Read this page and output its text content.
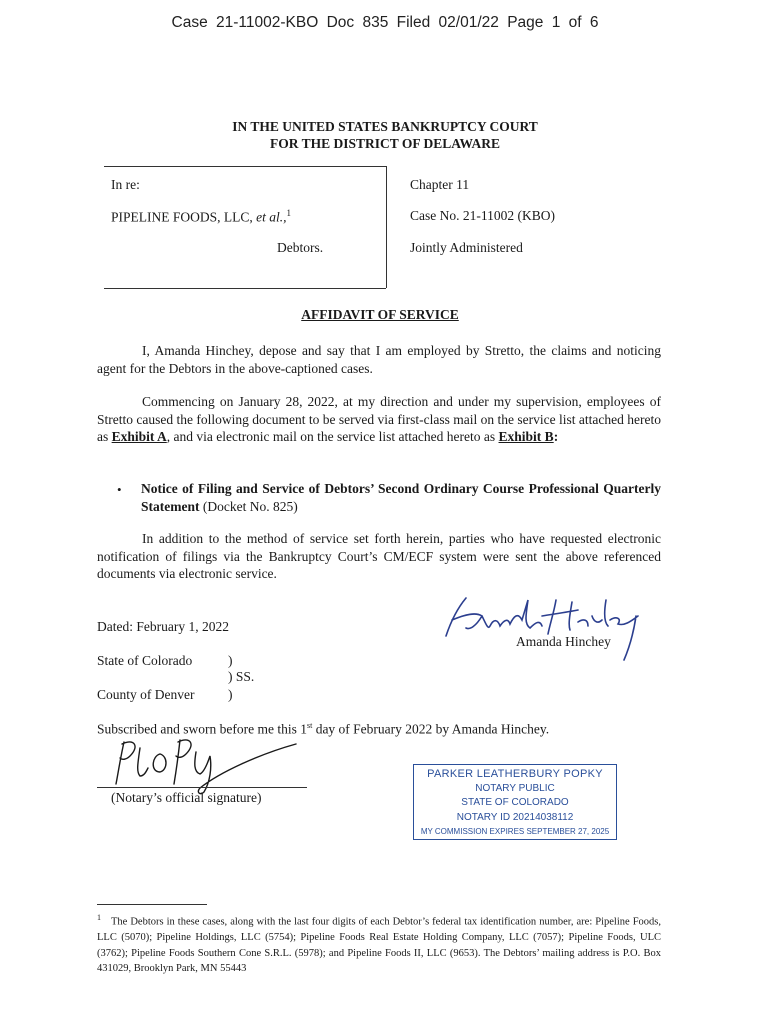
Case 21-11002-KBO Doc 835 Filed 02/01/22 Page 1 of 6
IN THE UNITED STATES BANKRUPTCY COURT
FOR THE DISTRICT OF DELAWARE
In re:
PIPELINE FOODS, LLC, et al.,$^1$
Debtors.
Chapter 11
Case No. 21-11002 (KBO)
Jointly Administered
AFFIDAVIT OF SERVICE
I, Amanda Hinchey, depose and say that I am employed by Stretto, the claims and noticing agent for the Debtors in the above-captioned cases.
Commencing on January 28, 2022, at my direction and under my supervision, employees of Stretto caused the following document to be served via first-class mail on the service list attached hereto as Exhibit A, and via electronic mail on the service list attached hereto as Exhibit B:
• Notice of Filing and Service of Debtors’ Second Ordinary Course Professional Quarterly Statement (Docket No. 825)
In addition to the method of service set forth herein, parties who have requested electronic notification of filings via the Bankruptcy Court’s CM/ECF system were sent the above referenced documents via electronic service.
Dated: February 1, 2022
Amanda Hinchey
State of Colorado	)
) SS.
County of Denver )
Subscribed and sworn before me this 1st day of February 2022 by Amanda Hinchey.
(Notary’s official signature)
PARKER LEATHERBURY POPKY
NOTARY PUBLIC
STATE OF COLORADO
NOTARY ID 20214038112
MY COMMISSION EXPIRES SEPTEMBER 27, 2025
$^1$ The Debtors in these cases, along with the last four digits of each Debtor’s federal tax identification number, are: Pipeline Foods, LLC (5070); Pipeline Holdings, LLC (5754); Pipeline Foods Real Estate Holding Company, LLC (7057); Pipeline Foods, ULC (3762); Pipeline Foods Southern Cone S.R.L. (5978); and Pipeline Foods II, LLC (9653). The Debtors’ mailing address is P.O. Box 431029, Brooklyn Park, MN 55443
